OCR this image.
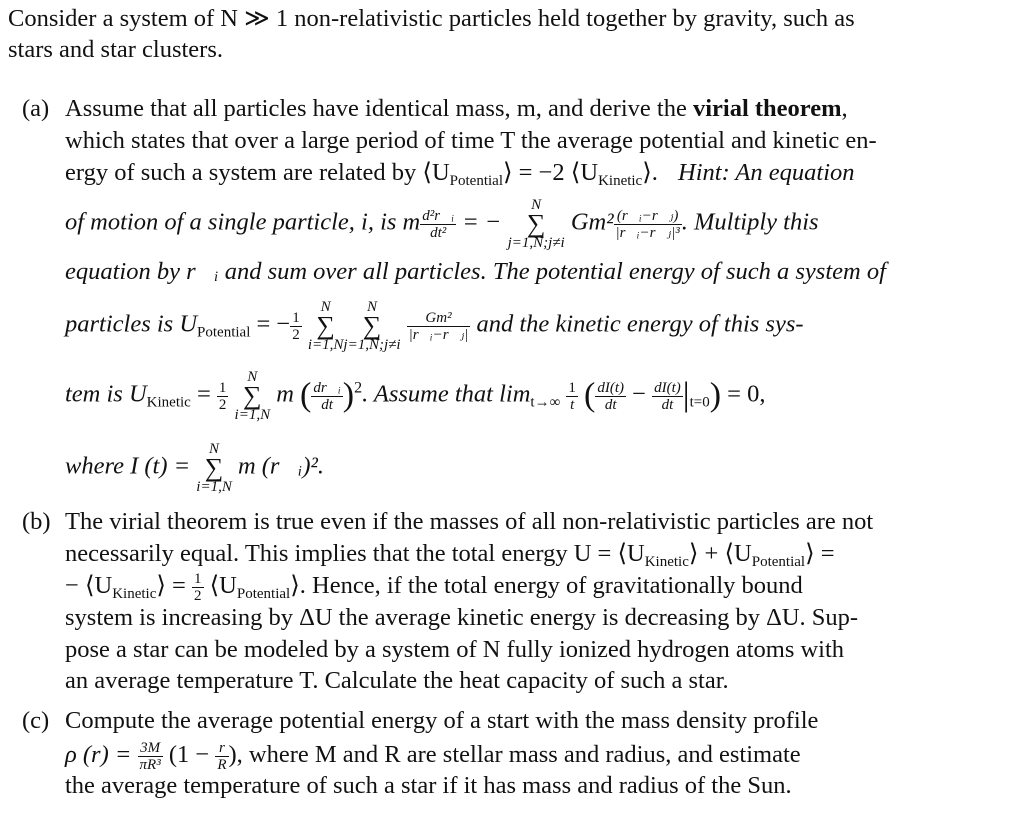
Consider a system of N ≫ 1 non-relativistic particles held together by gravity, such as
stars and star clusters.
(a) Assume that all particles have identical mass, m, and derive the virial theorem,
which states that over a large period of time T the average potential and kinetic en-
ergy of such a system are related by $⟨U_{Potential}⟩ = -2$ $⟨U_{Kinetic}⟩$. Hint: An equation
of motion of a single particle, i, is m $\frac{\text{d²r⃗ᵢ}}{\text{dt²}}$ = −
N
∑
j=1,N;j≠i
$Gm^2 \frac{\text{(r⃗ᵢ−r⃗ⱼ)}}{\text{|r⃗ᵢ−r⃗ⱼ|³}}$ . Multiply this
equation by r⃗ᵢ and sum over all particles. The potential energy of such a system of
particles is $U_{Potential}$ = − $\frac{1}{2}$

N
∑
i=1,N
N
∑
j=1,N;j≠i

$\frac{\text{Gm²}}{\text{|r⃗ᵢ−r⃗ⱼ|}}$ and the kinetic energy of this sys-
tem is $U_{Kinetic} = \frac{1}{2}$

N
∑
i=1,N
m ( $\frac{\text{dr⃗ᵢ}}{dt} )^2$. Assume that $\lim_{t\to\infty} \frac{1}{t}$ ( $\frac{dI(t)}{dt} - \frac{dI(t)}{dt} |_{t=0}) = 0$,
where I (t) =
N
∑
i=1,N
m (r⃗ᵢ)².
(b) The virial theorem is true even if the masses of all non-relativistic particles are not
necessarily equal. This implies that the total energy $U = ⟨U_{Kinetic}⟩$ + $⟨U_{Potential}⟩$ =
− $⟨U_{Kinetic}⟩ = \frac{1}{2}$ $⟨U_{Potential}⟩$. Hence, if the total energy of gravitationally bound
system is increasing by ΔU the average kinetic energy is decreasing by ΔU. Sup-
pose a star can be modeled by a system of N fully ionized hydrogen atoms with
an average temperature T. Calculate the heat capacity of such a star.
(c) Compute the average potential energy of a start with the mass density profile
ρ $(r) = \frac{3M}{\text{πR³}} (1 - \frac{r}{R}$ ), where M and R are stellar mass and radius, and estimate
the average temperature of such a star if it has mass and radius of the Sun.
